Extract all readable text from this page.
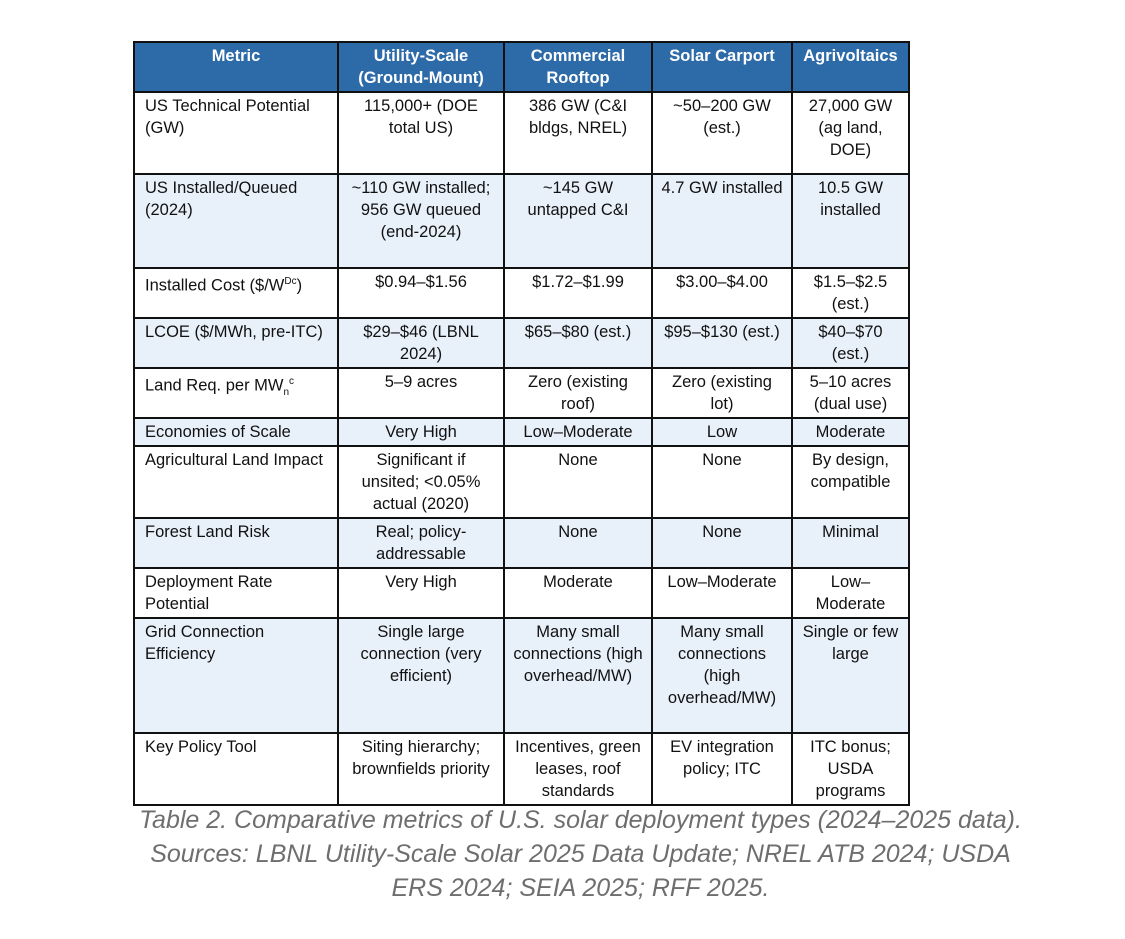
Metric	Utility-Scale (Ground-Mount)	Commercial Rooftop	Solar Carport	Agrivoltaics
US Technical Potential (GW)	115,000+ (DOE total US)	386 GW (C&I bldgs, NREL)	~50–200 GW (est.)	27,000 GW (ag land, DOE)
US Installed/Queued (2024)	~110 GW installed; 956 GW queued (end-2024)	~145 GW untapped C&I	4.7 GW installed	10.5 GW installed
Installed Cost $(\$/W^{Dc})$	$0.94–$1.56	$1.72–$1.99	$3.00–$4.00	$1.5–$2.5 (est.)
LCOE ($/MWh, pre-ITC)	$29–$46 (LBNL 2024)	$65–$80 (est.)	$95–$130 (est.)	$40–$70 (est.)
Land Req. per $MW_n^c$	5–9 acres	Zero (existing roof)	Zero (existing lot)	5–10 acres (dual use)
Economies of Scale	Very High	Low–Moderate	Low	Moderate
Agricultural Land Impact	Significant if unsited; <0.05% actual (2020)	None	None	By design, compatible
Forest Land Risk	Real; policy-addressable	None	None	Minimal
Deployment Rate Potential	Very High	Moderate	Low–Moderate	Low–Moderate
Grid Connection Efficiency	Single large connection (very efficient)	Many small connections (high overhead/MW)	Many small connections (high overhead/MW)	Single or few large
Key Policy Tool	Siting hierarchy; brownfields priority	Incentives, green leases, roof standards	EV integration policy; ITC	ITC bonus; USDA programs
Table 2. Comparative metrics of U.S. solar deployment types (2024–2025 data). Sources: LBNL Utility-Scale Solar 2025 Data Update; NREL ATB 2024; USDA ERS 2024; SEIA 2025; RFF 2025.
